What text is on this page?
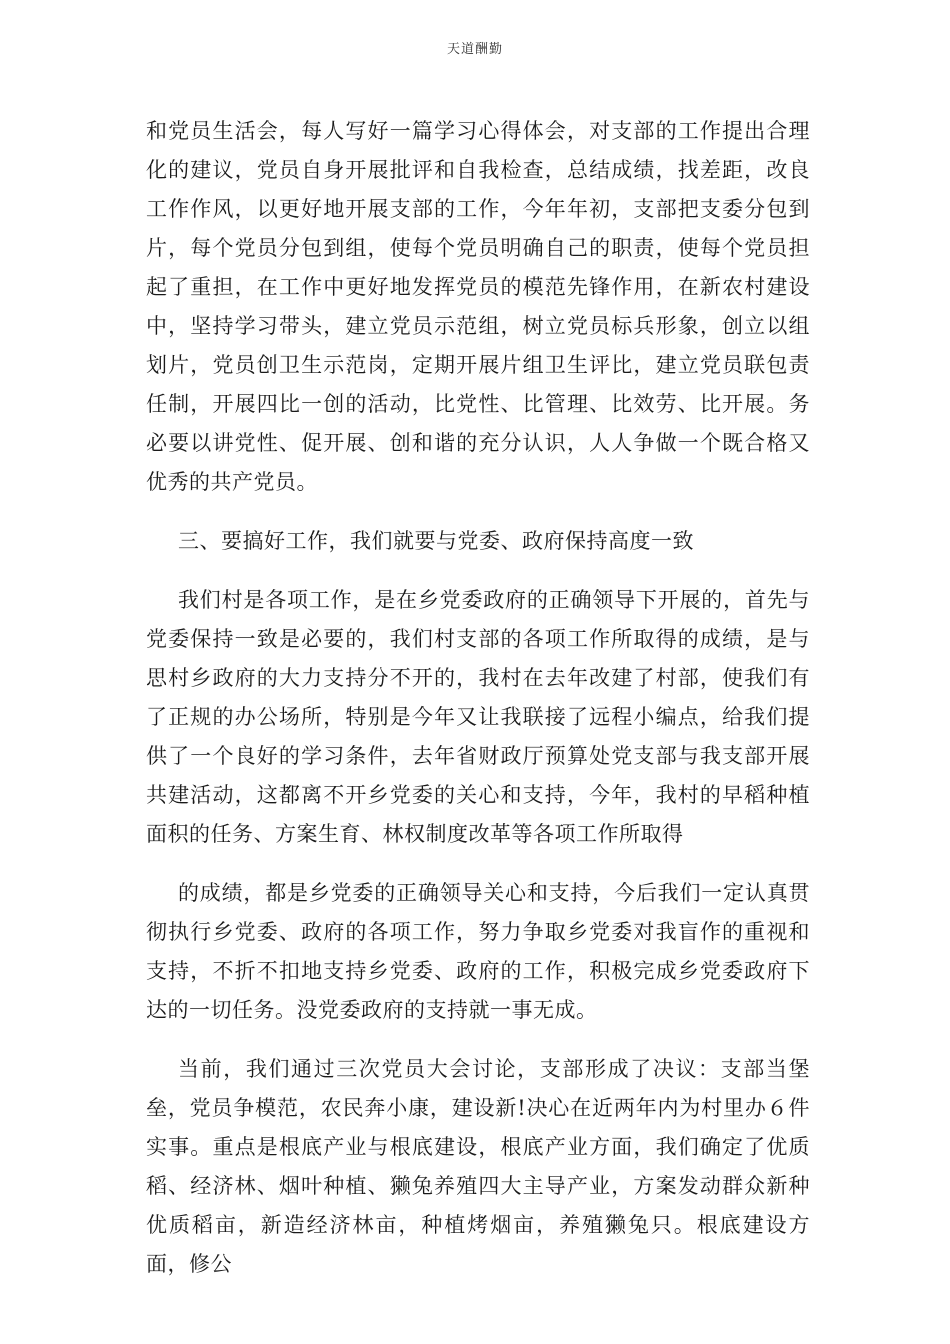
天道酬勤

和党员生活会，每人写好一篇学习心得体会，对支部的工作提出合理化的建议，党员自身开展批评和自我检查，总结成绩，找差距，改良工作作风，以更好地开展支部的工作，今年年初，支部把支委分包到片，每个党员分包到组，使每个党员明确自己的职责，使每个党员担起了重担，在工作中更好地发挥党员的模范先锋作用，在新农村建设中，坚持学习带头，建立党员示范组，树立党员标兵形象，创立以组划片，党员创卫生示范岗，定期开展片组卫生评比，建立党员联包责任制，开展四比一创的活动，比党性、比管理、比效劳、比开展。务必要以讲党性、促开展、创和谐的充分认识，人人争做一个既合格又优秀的共产党员。

三、要搞好工作，我们就要与党委、政府保持高度一致

我们村是各项工作，是在乡党委政府的正确领导下开展的，首先与党委保持一致是必要的，我们村支部的各项工作所取得的成绩，是与思村乡政府的大力支持分不开的，我村在去年改建了村部，使我们有了正规的办公场所，特别是今年又让我联接了远程小编点，给我们提供了一个良好的学习条件，去年省财政厅预算处党支部与我支部开展共建活动，这都离不开乡党委的关心和支持，今年，我村的早稻种植面积的任务、方案生育、林权制度改革等各项工作所取得

的成绩，都是乡党委的正确领导关心和支持，今后我们一定认真贯彻执行乡党委、政府的各项工作，努力争取乡党委对我盲作的重视和支持，不折不扣地支持乡党委、政府的工作，积极完成乡党委政府下达的一切任务。没党委政府的支持就一事无成。

当前，我们通过三次党员大会讨论，支部形成了决议：支部当堡垒，党员争模范，农民奔小康，建设新!决心在近两年内为村里办６件实事。重点是根底产业与根底建设，根底产业方面，我们确定了优质稻、经济林、烟叶种植、獭兔养殖四大主导产业，方案发动群众新种优质稻亩，新造经济林亩，种植烤烟亩，养殖獭兔只。根底建设方面，修公
